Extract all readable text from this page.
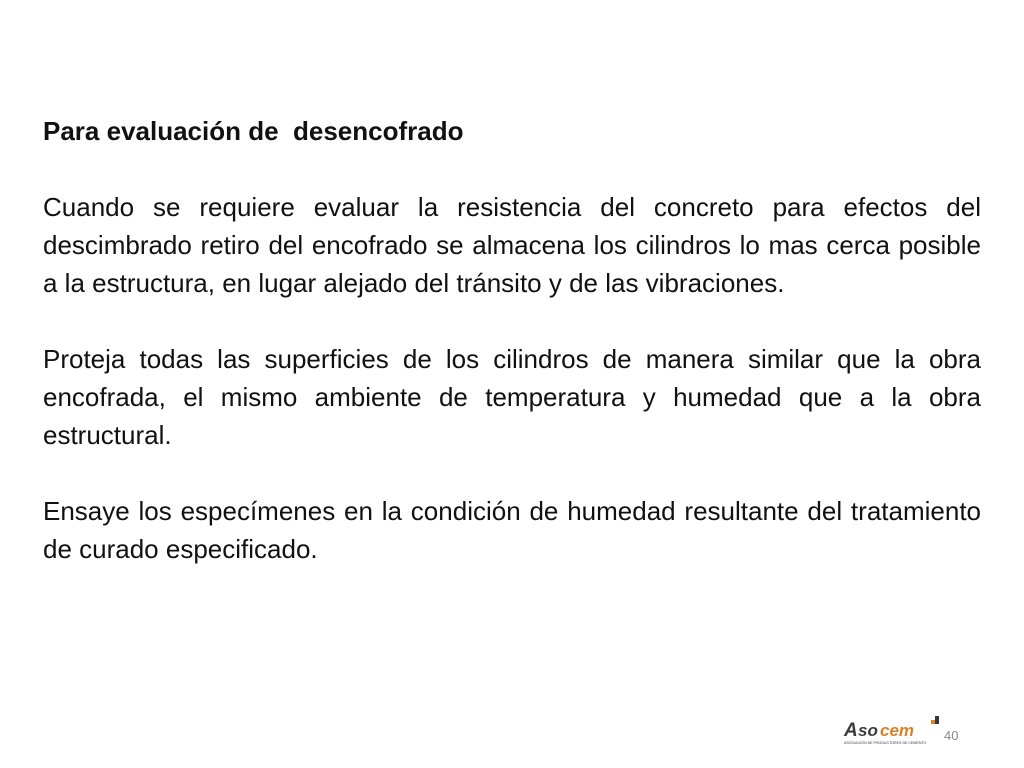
Para evaluación de  desencofrado

Cuando se requiere evaluar la resistencia del concreto para efectos del descimbrado retiro del encofrado se almacena los cilindros lo mas cerca posible a la estructura, en lugar alejado del tránsito y de las vibraciones.

Proteja todas las superficies de los cilindros de manera similar que la obra encofrada, el mismo ambiente de temperatura y humedad que a la obra estructural.

Ensaye los especímenes en la condición de humedad resultante del tratamiento de curado especificado.

A so cem
ASOCIACIÓN DE PRODUCTORES DE CEMENTO 40
